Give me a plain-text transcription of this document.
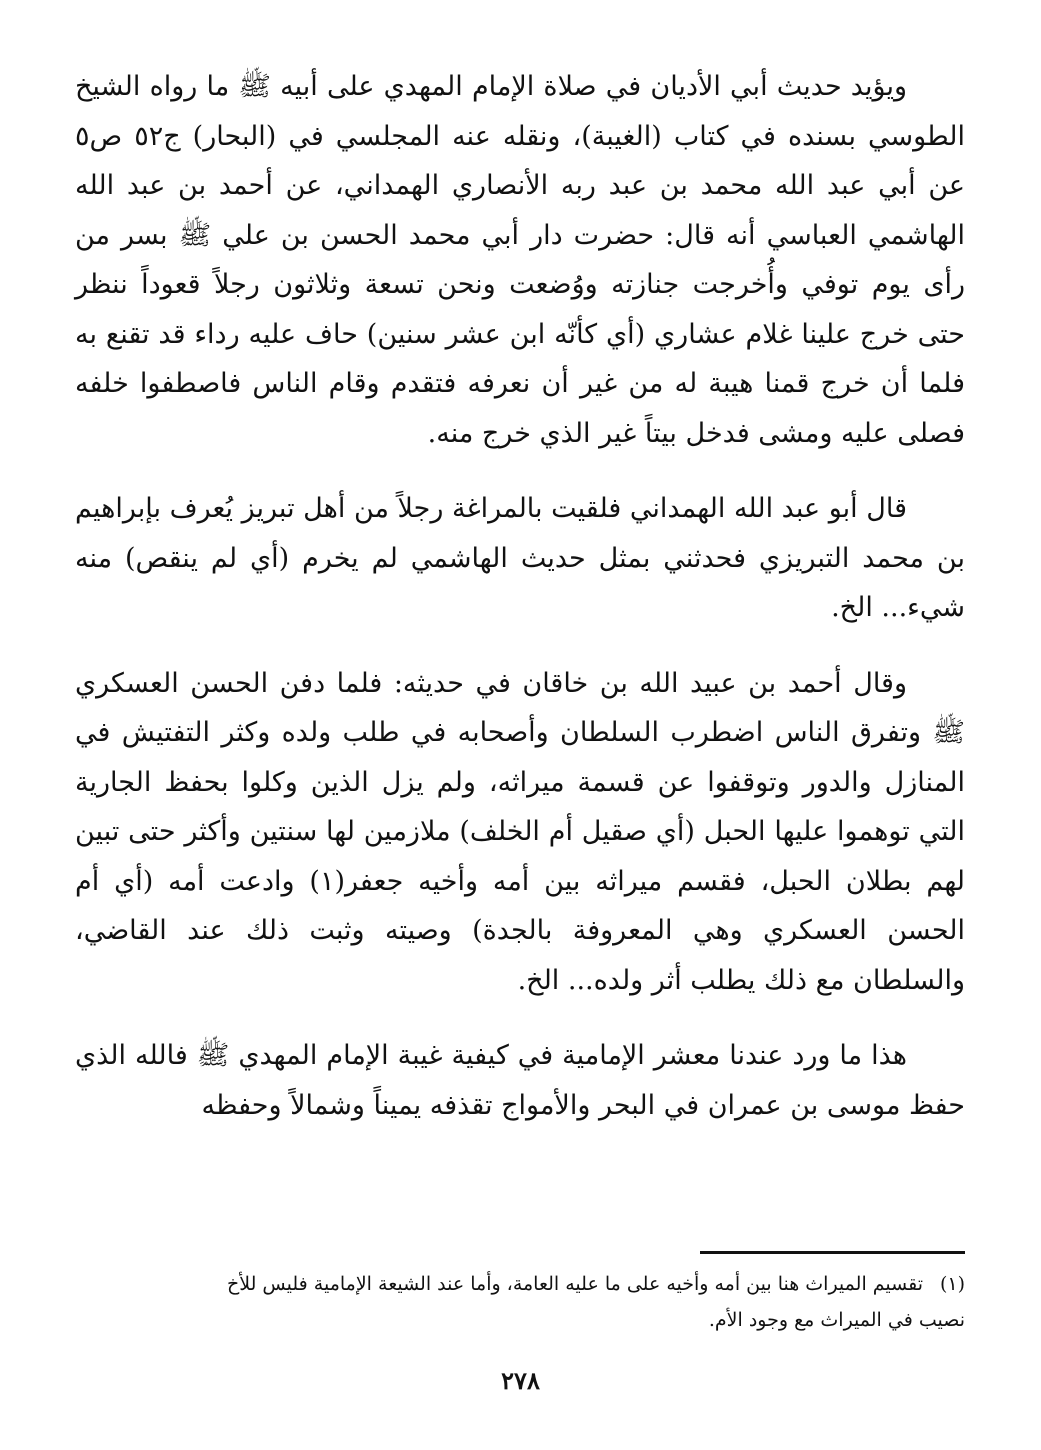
ويؤيد حديث أبي الأديان في صلاة الإمام المهدي على أبيه ﷺ ما رواه الشيخ الطوسي بسنده في كتاب (الغيبة)، ونقله عنه المجلسي في (البحار) ج٥٢ ص٥ عن أبي عبد الله محمد بن عبد ربه الأنصاري الهمداني، عن أحمد بن عبد الله الهاشمي العباسي أنه قال: حضرت دار أبي محمد الحسن بن علي ﷺ بسر من رأى يوم توفي وأُخرجت جنازته ووُضعت ونحن تسعة وثلاثون رجلاً قعوداً ننظر حتى خرج علينا غلام عشاري (أي كأنّه ابن عشر سنين) حاف عليه رداء قد تقنع به فلما أن خرج قمنا هيبة له من غير أن نعرفه فتقدم وقام الناس فاصطفوا خلفه فصلى عليه ومشى فدخل بيتاً غير الذي خرج منه.

قال أبو عبد الله الهمداني فلقيت بالمراغة رجلاً من أهل تبريز يُعرف بإبراهيم بن محمد التبريزي فحدثني بمثل حديث الهاشمي لم يخرم (أي لم ينقص) منه شيء... الخ.

وقال أحمد بن عبيد الله بن خاقان في حديثه: فلما دفن الحسن العسكري ﷺ وتفرق الناس اضطرب السلطان وأصحابه في طلب ولده وكثر التفتيش في المنازل والدور وتوقفوا عن قسمة ميراثه، ولم يزل الذين وكلوا بحفظ الجارية التي توهموا عليها الحبل (أي صقيل أم الخلف) ملازمين لها سنتين وأكثر حتى تبين لهم بطلان الحبل، فقسم ميراثه بين أمه وأخيه جعفر(١) وادعت أمه (أي أم الحسن العسكري وهي المعروفة بالجدة) وصيته وثبت ذلك عند القاضي، والسلطان مع ذلك يطلب أثر ولده... الخ.

هذا ما ورد عندنا معشر الإمامية في كيفية غيبة الإمام المهدي ﷺ فالله الذي حفظ موسى بن عمران في البحر والأمواج تقذفه يميناً وشمالاً وحفظه

(١)تقسيم الميراث هنا بين أمه وأخيه على ما عليه العامة، وأما عند الشيعة الإمامية فليس للأخ
نصيب في الميراث مع وجود الأم.
٢٧٨
